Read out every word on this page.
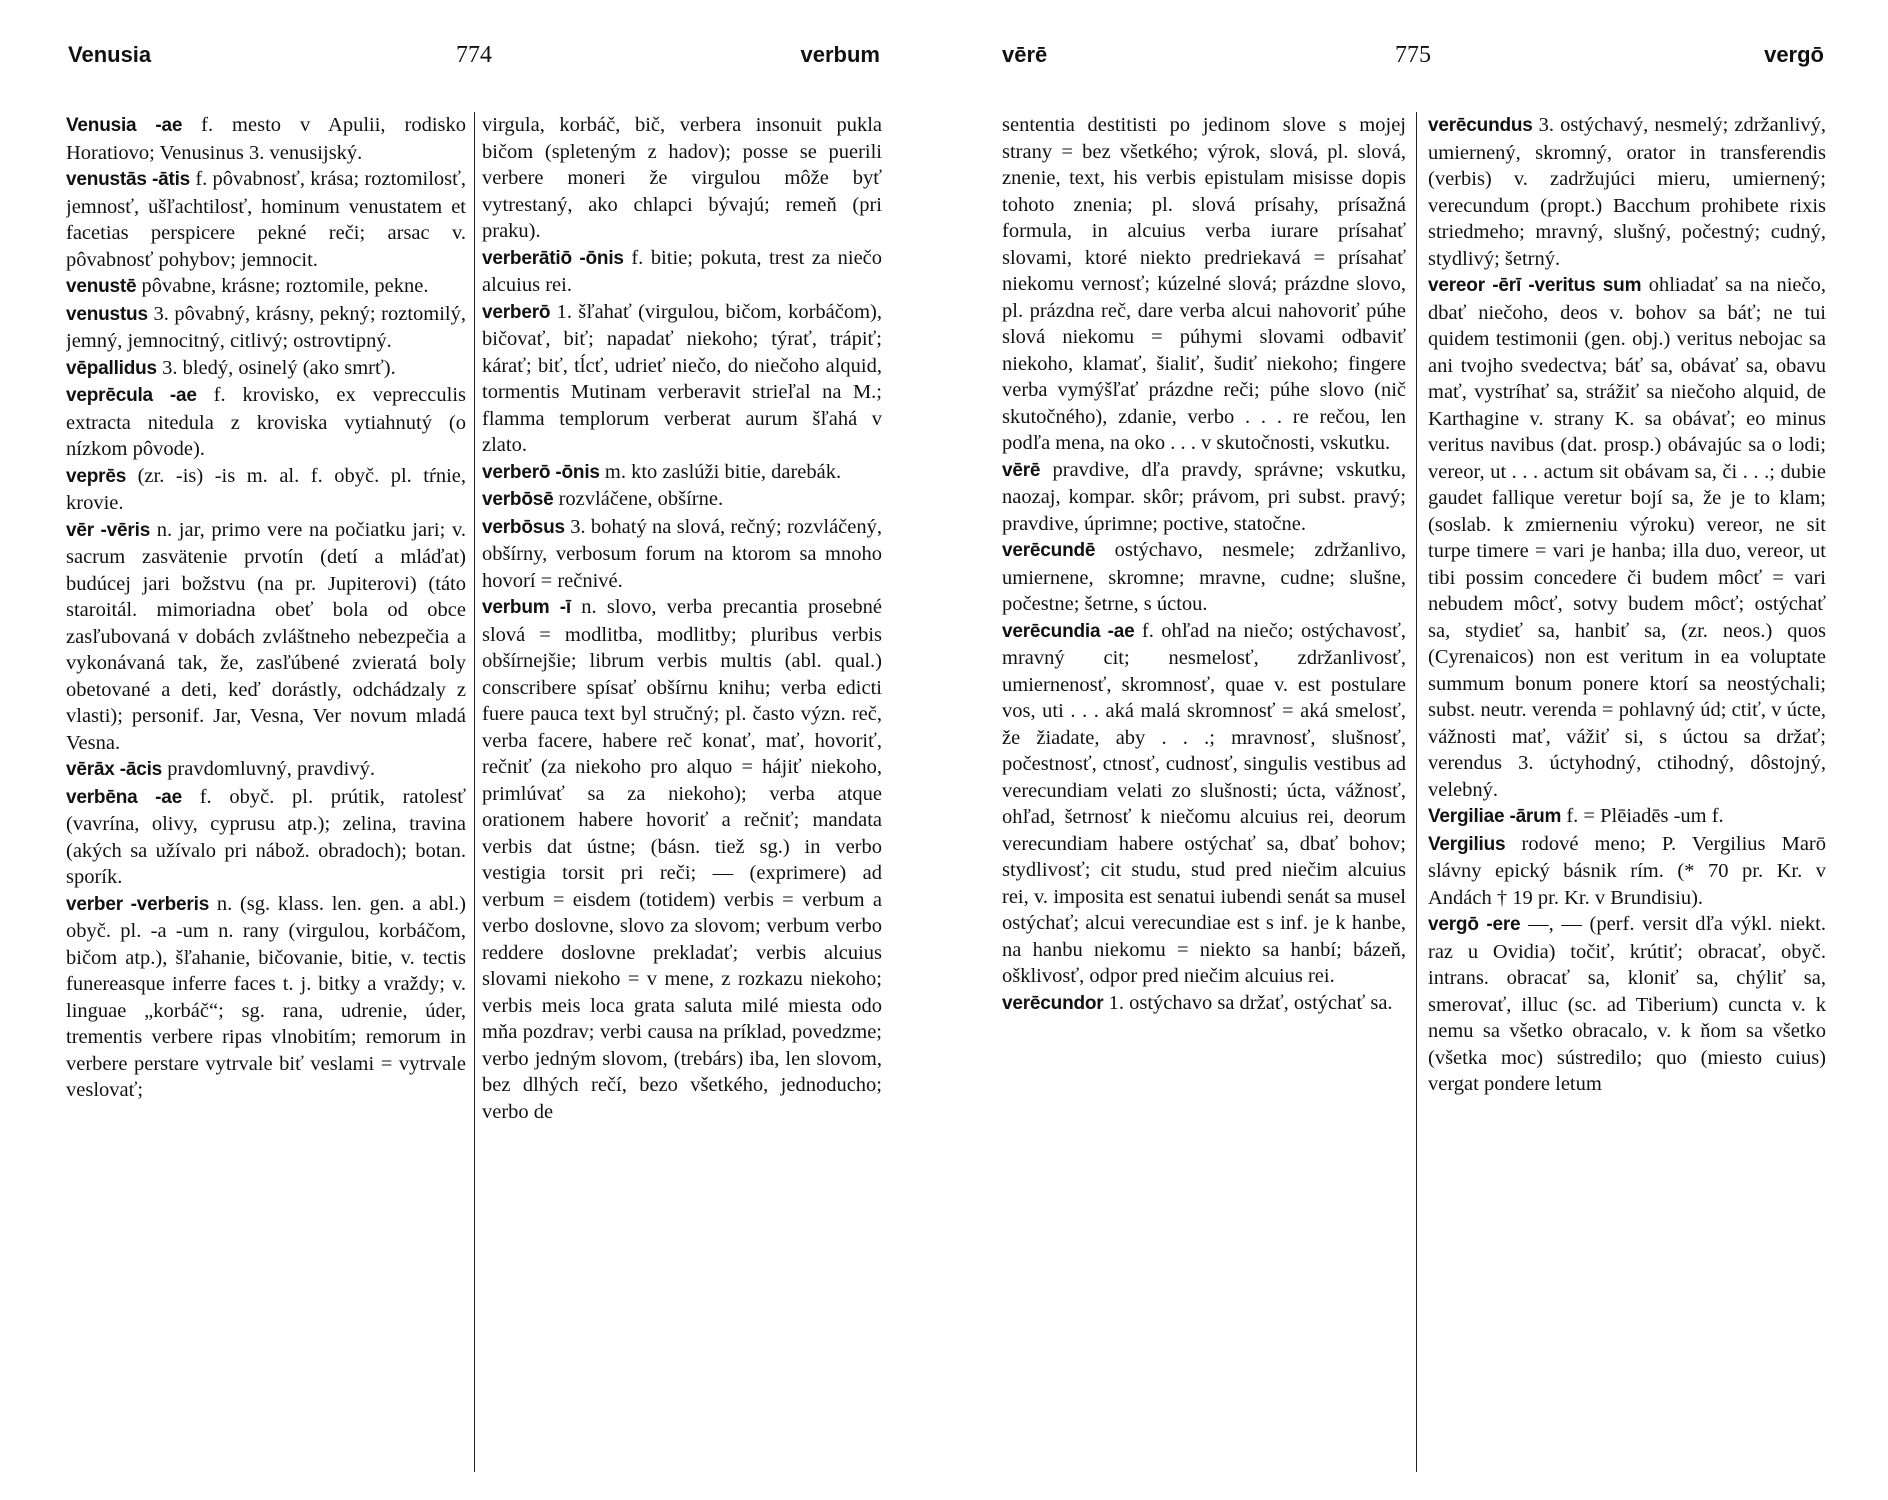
Venusia	774	verbum

Venusia -ae f. mesto v Apulii, rodisko Horatiovo; Venusinus 3. venusijský.

venustās -ātis f. pôvabnosť, krása; roztomilosť, jemnosť, ušľachtilosť, hominum venustatem et facetias perspicere pekné reči; arsac v. pôvabnosť pohybov; jemnocit.

venustē pôvabne, krásne; roztomile, pekne.

venustus 3. pôvabný, krásny, pekný; roztomilý, jemný, jemnocitný, citlivý; ostrovtipný.

vēpallidus 3. bledý, osinelý (ako smrť).

veprēcula -ae f. krovisko, ex veprecculis extracta nitedula z kroviska vytiahnutý (o nízkom pôvode).

veprēs (zr. -is) -is m. al. f. obyč. pl. tŕnie, krovie.

vēr -vēris n. jar, primo vere na počiatku jari; v. sacrum zasvätenie prvotín (detí a mláďat) budúcej jari božstvu (na pr. Jupiterovi) (táto staroitál. mimoriadna obeť bola od obce zasľubovaná v dobách zvláštneho nebezpečia a vykonávaná tak, že, zasľúbené zvieratá boly obetované a deti, keď dorástly, odchádzaly z vlasti); personif. Jar, Vesna, Ver novum mladá Vesna.

vērāx -ācis pravdomluvný, pravdivý.

verbēna -ae f. obyč. pl. prútik, ratolesť (vavrína, olivy, cyprusu atp.); zelina, travina (akých sa užívalo pri nábož. obradoch); botan. sporík.

verber -verberis n. (sg. klass. len. gen. a abl.) obyč. pl. -a -um n. rany (virgulou, korbáčom, bičom atp.), šľahanie, bičovanie, bitie, v. tectis funereasque inferre faces t. j. bitky a vraždy; v. linguae „korbáč“; sg. rana, udrenie, úder, trementis verbere ripas vlnobitím; remorum in verbere perstare vytrvale biť veslami = vytrvale veslovať;

virgula, korbáč, bič, verbera insonuit pukla bičom (spleteným z hadov); posse se puerili verbere moneri že virgulou môže byť vytrestaný, ako chlapci bývajú; remeň (pri praku).

verberātiō -ōnis f. bitie; pokuta, trest za niečo alcuius rei.

verberō 1. šľahať (virgulou, bičom, korbáčom), bičovať, biť; napadať niekoho; týrať, trápiť; kárať; biť, tĺcť, udrieť niečo, do niečoho alquid, tormentis Mutinam verberavit strieľal na M.; flamma templorum verberat aurum šľahá v zlato.

verberō -ōnis m. kto zaslúži bitie, darebák.

verbōsē rozvláčene, obšírne.

verbōsus 3. bohatý na slová, rečný; rozvláčený, obšírny, verbosum forum na ktorom sa mnoho hovorí = rečnivé.

verbum -ī n. slovo, verba precantia prosebné slová = modlitba, modlitby; pluribus verbis obšírnejšie; librum verbis multis (abl. qual.) conscribere spísať obšírnu knihu; verba edicti fuere pauca text byl stručný; pl. často význ. reč, verba facere, habere reč konať, mať, hovoriť, rečniť (za niekoho pro alquo = hájiť niekoho, primlúvať sa za niekoho); verba atque orationem habere hovoriť a rečniť; mandata verbis dat ústne; (básn. tiež sg.) in verbo vestigia torsit pri reči; — (exprimere) ad verbum = eisdem (totidem) verbis = verbum a verbo doslovne, slovo za slovom; verbum verbo reddere doslovne prekladať; verbis alcuius slovami niekoho = v mene, z rozkazu niekoho; verbis meis loca grata saluta milé miesta odo mňa pozdrav; verbi causa na príklad, povedzme; verbo jedným slovom, (trebárs) iba, len slovom, bez dlhých rečí, bezo všetkého, jednoducho; verbo de

vērē	775	vergō

sententia destitisti po jedinom slove s mojej strany = bez všetkého; výrok, slová, pl. slová, znenie, text, his verbis epistulam misisse dopis tohoto znenia; pl. slová prísahy, prísažná formula, in alcuius verba iurare prísahať slovami, ktoré niekto predriekavá = prísahať niekomu vernosť; kúzelné slová; prázdne slovo, pl. prázdna reč, dare verba alcui nahovoriť púhe slová niekomu = púhymi slovami odbaviť niekoho, klamať, šialiť, šudiť niekoho; fingere verba vymýšľať prázdne reči; púhe slovo (nič skutočného), zdanie, verbo . . . re rečou, len podľa mena, na oko . . . v skutočnosti, vskutku.

vērē pravdive, dľa pravdy, správne; vskutku, naozaj, kompar. skôr; právom, pri subst. pravý; pravdive, úprimne; poctive, statočne.

verēcundē ostýchavo, nesmele; zdržanlivo, umiernene, skromne; mravne, cudne; slušne, počestne; šetrne, s úctou.

verēcundia -ae f. ohľad na niečo; ostýchavosť, mravný cit; nesmelosť, zdržanlivosť, umiernenosť, skromnosť, quae v. est postulare vos, uti . . . aká malá skromnosť = aká smelosť, že žiadate, aby . . .; mravnosť, slušnosť, počestnosť, ctnosť, cudnosť, singulis vestibus ad verecundiam velati zo slušnosti; úcta, vážnosť, ohľad, šetrnosť k niečomu alcuius rei, deorum verecundiam habere ostýchať sa, dbať bohov; stydlivosť; cit studu, stud pred niečim alcuius rei, v. imposita est senatui iubendi senát sa musel ostýchať; alcui verecundiae est s inf. je k hanbe, na hanbu niekomu = niekto sa hanbí; bázeň, ošklivosť, odpor pred niečim alcuius rei.

verēcundor 1. ostýchavo sa držať, ostýchať sa.

verēcundus 3. ostýchavý, nesmelý; zdržanlivý, umiernený, skromný, orator in transferendis (verbis) v. zadržujúci mieru, umiernený; verecundum (propt.) Bacchum prohibete rixis striedmeho; mravný, slušný, počestný; cudný, stydlivý; šetrný.

vereor -ērī -veritus sum ohliadať sa na niečo, dbať niečoho, deos v. bohov sa báť; ne tui quidem testimonii (gen. obj.) veritus nebojac sa ani tvojho svedectva; báť sa, obávať sa, obavu mať, vystríhať sa, strážiť sa niečoho alquid, de Karthagine v. strany K. sa obávať; eo minus veritus navibus (dat. prosp.) obávajúc sa o lodi; vereor, ut . . . actum sit obávam sa, či . . .; dubie gaudet fallique veretur bojí sa, že je to klam; (soslab. k zmierneniu výroku) vereor, ne sit turpe timere = vari je hanba; illa duo, vereor, ut tibi possim concedere či budem môcť = vari nebudem môcť, sotvy budem môcť; ostýchať sa, stydieť sa, hanbiť sa, (zr. neos.) quos (Cyrenaicos) non est veritum in ea voluptate summum bonum ponere ktorí sa neostýchali; subst. neutr. verenda = pohlavný úd; ctiť, v úcte, vážnosti mať, vážiť si, s úctou sa držať; verendus 3. úctyhodný, ctihodný, dôstojný, velebný.

Vergiliae -ārum f. = Plēiadēs -um f.

Vergilius rodové meno; P. Vergilius Marō slávny epický básnik rím. (* 70 pr. Kr. v Andách † 19 pr. Kr. v Brundisiu).

vergō -ere —, — (perf. versit dľa výkl. niekt. raz u Ovidia) točiť, krútiť; obracať, obyč. intrans. obracať sa, kloniť sa, chýliť sa, smerovať, illuc (sc. ad Tiberium) cuncta v. k nemu sa všetko obracalo, v. k ňom sa všetko (všetka moc) sústredilo; quo (miesto cuius) vergat pondere letum
